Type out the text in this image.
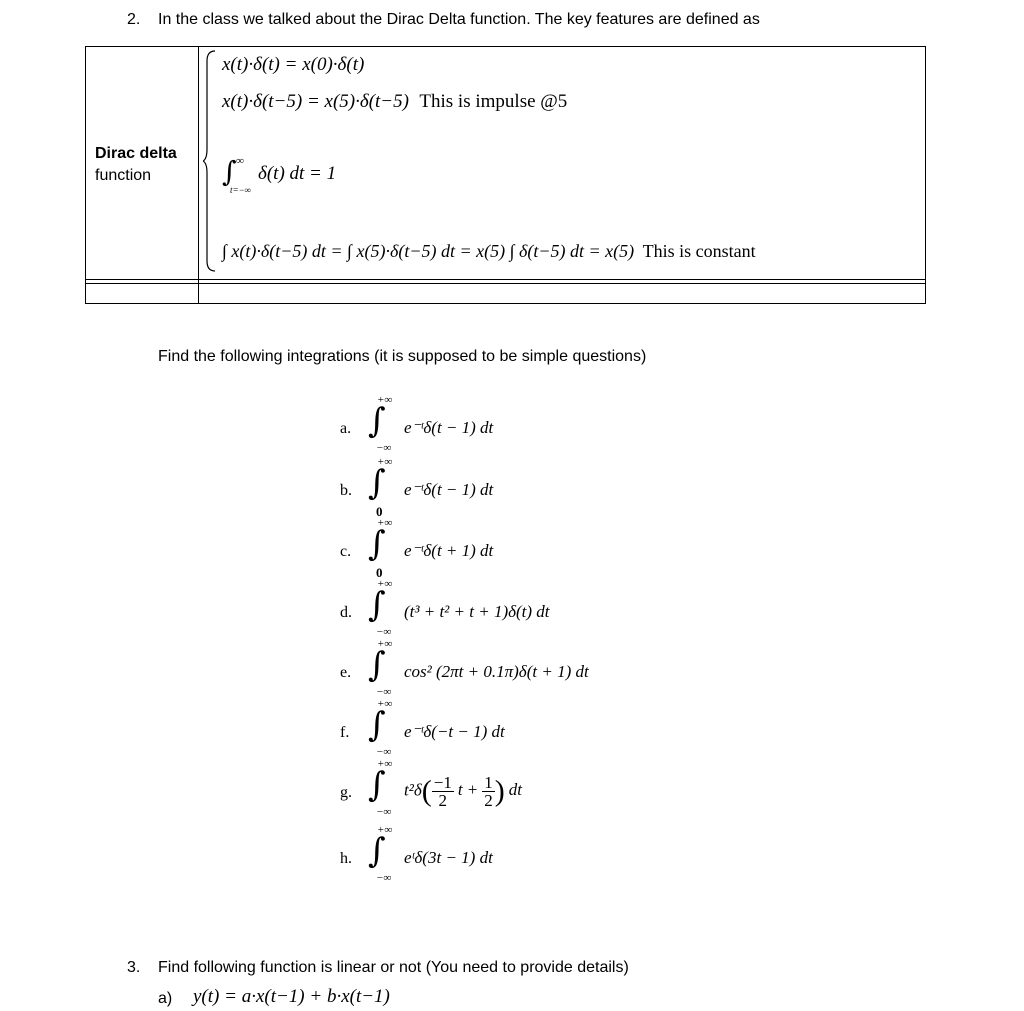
2. In the class we talked about the Dirac Delta function. The key features are defined as
Dirac delta
function
x(t)·δ(t) = x(0)·δ(t)
x(t)·δ(t−5) = x(5)·δ(t−5) This is impulse @5
∫ ∞
t=−∞
δ(t) dt = 1
∫ x(t)·δ(t−5) dt = ∫ x(5)·δ(t−5) dt = x(5) ∫ δ(t−5) dt = x(5) This is constant
Find the following integrations (it is supposed to be simple questions)
a. ∫
+∞
−∞
e⁻ᵗδ(t − 1) dt
b. ∫
+∞
0
e⁻ᵗδ(t − 1) dt
c. ∫
+∞
0
e⁻ᵗδ(t + 1) dt
d. ∫
+∞
−∞
(t³ + t² + t + 1)δ(t) dt
e. ∫
+∞
−∞
cos² (2πt + 0.1π)δ(t + 1) dt
f. ∫
+∞
−∞
e⁻ᵗδ(−t − 1) dt
g. ∫
+∞
−∞
$t^2\delta( \frac{-1}{2}$ $t + \frac{1}{2}$ ) dt
h. ∫
+∞
−∞
eᵗδ(3t − 1) dt
3. Find following function is linear or not (You need to provide details)
a) y(t) = a·x(t−1) + b·x(t−1)
